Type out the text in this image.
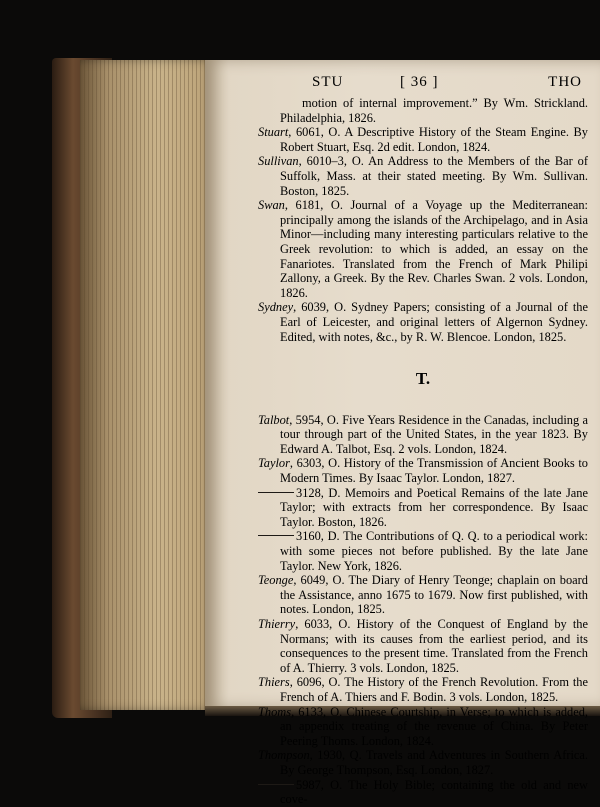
STU	[ 36 ]	THO

motion of internal improvement.” By Wm. Strickland. Philadelphia, 1826.

Stuart, 6061, O. A Descriptive History of the Steam Engine. By Robert Stuart, Esq. 2d edit. London, 1824.

Sullivan, 6010–3, O. An Address to the Members of the Bar of Suffolk, Mass. at their stated meeting. By Wm. Sullivan. Boston, 1825.

Swan, 6181, O. Journal of a Voyage up the Mediterranean: principally among the islands of the Archipelago, and in Asia Minor—including many interesting particulars relative to the Greek revolution: to which is added, an essay on the Fanariotes. Translated from the French of Mark Philipi Zallony, a Greek. By the Rev. Charles Swan. 2 vols. London, 1826.

Sydney, 6039, O. Sydney Papers; consisting of a Journal of the Earl of Leicester, and original letters of Algernon Sydney. Edited, with notes, &c., by R. W. Blencoe. London, 1825.

T.

Talbot, 5954, O. Five Years Residence in the Canadas, including a tour through part of the United States, in the year 1823. By Edward A. Talbot, Esq. 2 vols. London, 1824.

Taylor, 6303, O. History of the Transmission of Ancient Books to Modern Times. By Isaac Taylor. London, 1827.

3128, D. Memoirs and Poetical Remains of the late Jane Taylor; with extracts from her correspondence. By Isaac Taylor. Boston, 1826.

3160, D. The Contributions of Q. Q. to a periodical work: with some pieces not before published. By the late Jane Taylor. New York, 1826.

Teonge, 6049, O. The Diary of Henry Teonge; chaplain on board the Assistance, anno 1675 to 1679. Now first published, with notes. London, 1825.

Thierry, 6033, O. History of the Conquest of England by the Normans; with its causes from the earliest period, and its consequences to the present time. Translated from the French of A. Thierry. 3 vols. London, 1825.

Thiers, 6096, O. The History of the French Revolution. From the French of A. Thiers and F. Bodin. 3 vols. London, 1825.

Thoms, 6133, O. Chinese Courtship, in Verse; to which is added, an appendix treating of the revenue of China. By Peter Peering Thoms. London, 1824.

Thompson, 1930, Q. Travels and Adventures in Southern Africa. By George Thompson, Esq. London, 1827.

5987, O. The Holy Bible; containing the old and new cove-
